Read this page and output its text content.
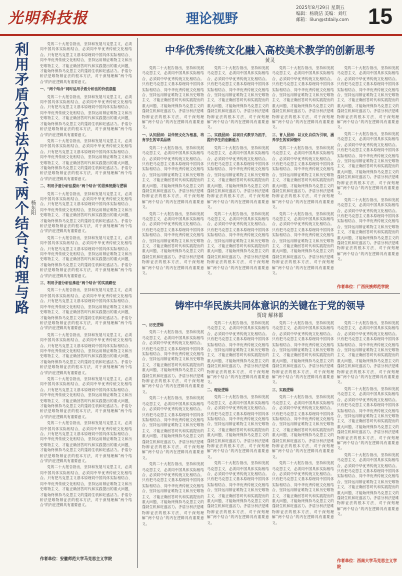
光明科技报	理论视野
2025年8月29日 星期五
编辑：杨晓洁 美编：刘红
邮箱：lilun@stdaily.com 15
利用矛盾分析法分析“两个结合”的理与路 杨东阳

党的二十大报告指出，坚持和发展马克思主义，必须同中国具体实际相结合，必须同中华优秀传统文化相结合。只有把马克思主义基本原理同中国具体实际相结合、同中华优秀传统文化相结合，坚持运用辩证唯物主义和历史唯物主义，才能正确回答时代和实践提出的重大问题，才能始终保持马克思主义的蓬勃生机和旺盛活力。矛盾分析法是唯物辩证法的根本方法，对于深刻理解“两个结合”的内在逻辑具有重要意义。

一、“两个结合”同时运用矛盾分析法的价值意蕴

党的二十大报告指出，坚持和发展马克思主义，必须同中国具体实际相结合，必须同中华优秀传统文化相结合。只有把马克思主义基本原理同中国具体实际相结合、同中华优秀传统文化相结合，坚持运用辩证唯物主义和历史唯物主义，才能正确回答时代和实践提出的重大问题，才能始终保持马克思主义的蓬勃生机和旺盛活力。矛盾分析法是唯物辩证法的根本方法，对于深刻理解“两个结合”的内在逻辑具有重要意义。

党的二十大报告指出，坚持和发展马克思主义，必须同中国具体实际相结合，必须同中华优秀传统文化相结合。只有把马克思主义基本原理同中国具体实际相结合、同中华优秀传统文化相结合，坚持运用辩证唯物主义和历史唯物主义，才能正确回答时代和实践提出的重大问题，才能始终保持马克思主义的蓬勃生机和旺盛活力。矛盾分析法是唯物辩证法的根本方法，对于深刻理解“两个结合”的内在逻辑具有重要意义。

二、利用矛盾分析法提出“两个结合”的思维统摄与逻辑

党的二十大报告指出，坚持和发展马克思主义，必须同中国具体实际相结合，必须同中华优秀传统文化相结合。只有把马克思主义基本原理同中国具体实际相结合、同中华优秀传统文化相结合，坚持运用辩证唯物主义和历史唯物主义，才能正确回答时代和实践提出的重大问题，才能始终保持马克思主义的蓬勃生机和旺盛活力。矛盾分析法是唯物辩证法的根本方法，对于深刻理解“两个结合”的内在逻辑具有重要意义。

党的二十大报告指出，坚持和发展马克思主义，必须同中国具体实际相结合，必须同中华优秀传统文化相结合。只有把马克思主义基本原理同中国具体实际相结合、同中华优秀传统文化相结合，坚持运用辩证唯物主义和历史唯物主义，才能正确回答时代和实践提出的重大问题，才能始终保持马克思主义的蓬勃生机和旺盛活力。矛盾分析法是唯物辩证法的根本方法，对于深刻理解“两个结合”的内在逻辑具有重要意义。

三、利用矛盾分析法推进“两个结合”的实践路径

党的二十大报告指出，坚持和发展马克思主义，必须同中国具体实际相结合，必须同中华优秀传统文化相结合。只有把马克思主义基本原理同中国具体实际相结合、同中华优秀传统文化相结合，坚持运用辩证唯物主义和历史唯物主义，才能正确回答时代和实践提出的重大问题，才能始终保持马克思主义的蓬勃生机和旺盛活力。矛盾分析法是唯物辩证法的根本方法，对于深刻理解“两个结合”的内在逻辑具有重要意义。

党的二十大报告指出，坚持和发展马克思主义，必须同中国具体实际相结合，必须同中华优秀传统文化相结合。只有把马克思主义基本原理同中国具体实际相结合、同中华优秀传统文化相结合，坚持运用辩证唯物主义和历史唯物主义，才能正确回答时代和实践提出的重大问题，才能始终保持马克思主义的蓬勃生机和旺盛活力。矛盾分析法是唯物辩证法的根本方法，对于深刻理解“两个结合”的内在逻辑具有重要意义。

党的二十大报告指出，坚持和发展马克思主义，必须同中国具体实际相结合，必须同中华优秀传统文化相结合。只有把马克思主义基本原理同中国具体实际相结合、同中华优秀传统文化相结合，坚持运用辩证唯物主义和历史唯物主义，才能正确回答时代和实践提出的重大问题，才能始终保持马克思主义的蓬勃生机和旺盛活力。矛盾分析法是唯物辩证法的根本方法，对于深刻理解“两个结合”的内在逻辑具有重要意义。

党的二十大报告指出，坚持和发展马克思主义，必须同中国具体实际相结合，必须同中华优秀传统文化相结合。只有把马克思主义基本原理同中国具体实际相结合、同中华优秀传统文化相结合，坚持运用辩证唯物主义和历史唯物主义，才能正确回答时代和实践提出的重大问题，才能始终保持马克思主义的蓬勃生机和旺盛活力。矛盾分析法是唯物辩证法的根本方法，对于深刻理解“两个结合”的内在逻辑具有重要意义。

党的二十大报告指出，坚持和发展马克思主义，必须同中国具体实际相结合，必须同中华优秀传统文化相结合。只有把马克思主义基本原理同中国具体实际相结合、同中华优秀传统文化相结合，坚持运用辩证唯物主义和历史唯物主义，才能正确回答时代和实践提出的重大问题，才能始终保持马克思主义的蓬勃生机和旺盛活力。矛盾分析法是唯物辩证法的根本方法，对于深刻理解“两个结合”的内在逻辑具有重要意义。

作者单位：安徽师范大学马克思主义学院
中华优秀传统文化融入高校美术教学的创新思考
黄灵

党的二十大报告指出，坚持和发展马克思主义，必须同中国具体实际相结合，必须同中华优秀传统文化相结合。只有把马克思主义基本原理同中国具体实际相结合、同中华优秀传统文化相结合，坚持运用辩证唯物主义和历史唯物主义，才能正确回答时代和实践提出的重大问题，才能始终保持马克思主义的蓬勃生机和旺盛活力。矛盾分析法是唯物辩证法的根本方法，对于深刻理解“两个结合”的内在逻辑具有重要意义。

一、认知层面：以传统文化为根基，培育学生的审美品格

党的二十大报告指出，坚持和发展马克思主义，必须同中国具体实际相结合，必须同中华优秀传统文化相结合。只有把马克思主义基本原理同中国具体实际相结合、同中华优秀传统文化相结合，坚持运用辩证唯物主义和历史唯物主义，才能正确回答时代和实践提出的重大问题，才能始终保持马克思主义的蓬勃生机和旺盛活力。矛盾分析法是唯物辩证法的根本方法，对于深刻理解“两个结合”的内在逻辑具有重要意义。

党的二十大报告指出，坚持和发展马克思主义，必须同中国具体实际相结合，必须同中华优秀传统文化相结合。只有把马克思主义基本原理同中国具体实际相结合、同中华优秀传统文化相结合，坚持运用辩证唯物主义和历史唯物主义，才能正确回答时代和实践提出的重大问题，才能始终保持马克思主义的蓬勃生机和旺盛活力。矛盾分析法是唯物辩证法的根本方法，对于深刻理解“两个结合”的内在逻辑具有重要意义。

党的二十大报告指出，坚持和发展马克思主义，必须同中国具体实际相结合，必须同中华优秀传统文化相结合。只有把马克思主义基本原理同中国具体实际相结合、同中华优秀传统文化相结合，坚持运用辩证唯物主义和历史唯物主义，才能正确回答时代和实践提出的重大问题，才能始终保持马克思主义的蓬勃生机和旺盛活力。矛盾分析法是唯物辩证法的根本方法，对于深刻理解“两个结合”的内在逻辑具有重要意义。

二、实践层面：以项目式教学为抓手，提升学生的创新能力

党的二十大报告指出，坚持和发展马克思主义，必须同中国具体实际相结合，必须同中华优秀传统文化相结合。只有把马克思主义基本原理同中国具体实际相结合、同中华优秀传统文化相结合，坚持运用辩证唯物主义和历史唯物主义，才能正确回答时代和实践提出的重大问题，才能始终保持马克思主义的蓬勃生机和旺盛活力。矛盾分析法是唯物辩证法的根本方法，对于深刻理解“两个结合”的内在逻辑具有重要意义。

党的二十大报告指出，坚持和发展马克思主义，必须同中国具体实际相结合，必须同中华优秀传统文化相结合。只有把马克思主义基本原理同中国具体实际相结合、同中华优秀传统文化相结合，坚持运用辩证唯物主义和历史唯物主义，才能正确回答时代和实践提出的重大问题，才能始终保持马克思主义的蓬勃生机和旺盛活力。矛盾分析法是唯物辩证法的根本方法，对于深刻理解“两个结合”的内在逻辑具有重要意义。

党的二十大报告指出，坚持和发展马克思主义，必须同中国具体实际相结合，必须同中华优秀传统文化相结合。只有把马克思主义基本原理同中国具体实际相结合、同中华优秀传统文化相结合，坚持运用辩证唯物主义和历史唯物主义，才能正确回答时代和实践提出的重大问题，才能始终保持马克思主义的蓬勃生机和旺盛活力。矛盾分析法是唯物辩证法的根本方法，对于深刻理解“两个结合”的内在逻辑具有重要意义。

三、育人层面：以文化自信为引领，涵养学生的家国情怀

党的二十大报告指出，坚持和发展马克思主义，必须同中国具体实际相结合，必须同中华优秀传统文化相结合。只有把马克思主义基本原理同中国具体实际相结合、同中华优秀传统文化相结合，坚持运用辩证唯物主义和历史唯物主义，才能正确回答时代和实践提出的重大问题，才能始终保持马克思主义的蓬勃生机和旺盛活力。矛盾分析法是唯物辩证法的根本方法，对于深刻理解“两个结合”的内在逻辑具有重要意义。

党的二十大报告指出，坚持和发展马克思主义，必须同中国具体实际相结合，必须同中华优秀传统文化相结合。只有把马克思主义基本原理同中国具体实际相结合、同中华优秀传统文化相结合，坚持运用辩证唯物主义和历史唯物主义，才能正确回答时代和实践提出的重大问题，才能始终保持马克思主义的蓬勃生机和旺盛活力。矛盾分析法是唯物辩证法的根本方法，对于深刻理解“两个结合”的内在逻辑具有重要意义。

党的二十大报告指出，坚持和发展马克思主义，必须同中国具体实际相结合，必须同中华优秀传统文化相结合。只有把马克思主义基本原理同中国具体实际相结合、同中华优秀传统文化相结合，坚持运用辩证唯物主义和历史唯物主义，才能正确回答时代和实践提出的重大问题，才能始终保持马克思主义的蓬勃生机和旺盛活力。矛盾分析法是唯物辩证法的根本方法，对于深刻理解“两个结合”的内在逻辑具有重要意义。

党的二十大报告指出，坚持和发展马克思主义，必须同中国具体实际相结合，必须同中华优秀传统文化相结合。只有把马克思主义基本原理同中国具体实际相结合、同中华优秀传统文化相结合，坚持运用辩证唯物主义和历史唯物主义，才能正确回答时代和实践提出的重大问题，才能始终保持马克思主义的蓬勃生机和旺盛活力。矛盾分析法是唯物辩证法的根本方法，对于深刻理解“两个结合”的内在逻辑具有重要意义。

党的二十大报告指出，坚持和发展马克思主义，必须同中国具体实际相结合，必须同中华优秀传统文化相结合。只有把马克思主义基本原理同中国具体实际相结合、同中华优秀传统文化相结合，坚持运用辩证唯物主义和历史唯物主义，才能正确回答时代和实践提出的重大问题，才能始终保持马克思主义的蓬勃生机和旺盛活力。矛盾分析法是唯物辩证法的根本方法，对于深刻理解“两个结合”的内在逻辑具有重要意义。

作者单位：广西民族师范学院
铸牢中华民族共同体意识的关键在于党的领导
贾琦 解林都

一、历史逻辑

党的二十大报告指出，坚持和发展马克思主义，必须同中国具体实际相结合，必须同中华优秀传统文化相结合。只有把马克思主义基本原理同中国具体实际相结合、同中华优秀传统文化相结合，坚持运用辩证唯物主义和历史唯物主义，才能正确回答时代和实践提出的重大问题，才能始终保持马克思主义的蓬勃生机和旺盛活力。矛盾分析法是唯物辩证法的根本方法，对于深刻理解“两个结合”的内在逻辑具有重要意义。

党的二十大报告指出，坚持和发展马克思主义，必须同中国具体实际相结合，必须同中华优秀传统文化相结合。只有把马克思主义基本原理同中国具体实际相结合、同中华优秀传统文化相结合，坚持运用辩证唯物主义和历史唯物主义，才能正确回答时代和实践提出的重大问题，才能始终保持马克思主义的蓬勃生机和旺盛活力。矛盾分析法是唯物辩证法的根本方法，对于深刻理解“两个结合”的内在逻辑具有重要意义。

党的二十大报告指出，坚持和发展马克思主义，必须同中国具体实际相结合，必须同中华优秀传统文化相结合。只有把马克思主义基本原理同中国具体实际相结合、同中华优秀传统文化相结合，坚持运用辩证唯物主义和历史唯物主义，才能正确回答时代和实践提出的重大问题，才能始终保持马克思主义的蓬勃生机和旺盛活力。矛盾分析法是唯物辩证法的根本方法，对于深刻理解“两个结合”的内在逻辑具有重要意义。

党的二十大报告指出，坚持和发展马克思主义，必须同中国具体实际相结合，必须同中华优秀传统文化相结合。只有把马克思主义基本原理同中国具体实际相结合、同中华优秀传统文化相结合，坚持运用辩证唯物主义和历史唯物主义，才能正确回答时代和实践提出的重大问题，才能始终保持马克思主义的蓬勃生机和旺盛活力。矛盾分析法是唯物辩证法的根本方法，对于深刻理解“两个结合”的内在逻辑具有重要意义。

二、理论逻辑

党的二十大报告指出，坚持和发展马克思主义，必须同中国具体实际相结合，必须同中华优秀传统文化相结合。只有把马克思主义基本原理同中国具体实际相结合、同中华优秀传统文化相结合，坚持运用辩证唯物主义和历史唯物主义，才能正确回答时代和实践提出的重大问题，才能始终保持马克思主义的蓬勃生机和旺盛活力。矛盾分析法是唯物辩证法的根本方法，对于深刻理解“两个结合”的内在逻辑具有重要意义。

党的二十大报告指出，坚持和发展马克思主义，必须同中国具体实际相结合，必须同中华优秀传统文化相结合。只有把马克思主义基本原理同中国具体实际相结合、同中华优秀传统文化相结合，坚持运用辩证唯物主义和历史唯物主义，才能正确回答时代和实践提出的重大问题，才能始终保持马克思主义的蓬勃生机和旺盛活力。矛盾分析法是唯物辩证法的根本方法，对于深刻理解“两个结合”的内在逻辑具有重要意义。

党的二十大报告指出，坚持和发展马克思主义，必须同中国具体实际相结合，必须同中华优秀传统文化相结合。只有把马克思主义基本原理同中国具体实际相结合、同中华优秀传统文化相结合，坚持运用辩证唯物主义和历史唯物主义，才能正确回答时代和实践提出的重大问题，才能始终保持马克思主义的蓬勃生机和旺盛活力。矛盾分析法是唯物辩证法的根本方法，对于深刻理解“两个结合”的内在逻辑具有重要意义。

三、实践逻辑

党的二十大报告指出，坚持和发展马克思主义，必须同中国具体实际相结合，必须同中华优秀传统文化相结合。只有把马克思主义基本原理同中国具体实际相结合、同中华优秀传统文化相结合，坚持运用辩证唯物主义和历史唯物主义，才能正确回答时代和实践提出的重大问题，才能始终保持马克思主义的蓬勃生机和旺盛活力。矛盾分析法是唯物辩证法的根本方法，对于深刻理解“两个结合”的内在逻辑具有重要意义。

党的二十大报告指出，坚持和发展马克思主义，必须同中国具体实际相结合，必须同中华优秀传统文化相结合。只有把马克思主义基本原理同中国具体实际相结合、同中华优秀传统文化相结合，坚持运用辩证唯物主义和历史唯物主义，才能正确回答时代和实践提出的重大问题，才能始终保持马克思主义的蓬勃生机和旺盛活力。矛盾分析法是唯物辩证法的根本方法，对于深刻理解“两个结合”的内在逻辑具有重要意义。

党的二十大报告指出，坚持和发展马克思主义，必须同中国具体实际相结合，必须同中华优秀传统文化相结合。只有把马克思主义基本原理同中国具体实际相结合、同中华优秀传统文化相结合，坚持运用辩证唯物主义和历史唯物主义，才能正确回答时代和实践提出的重大问题，才能始终保持马克思主义的蓬勃生机和旺盛活力。矛盾分析法是唯物辩证法的根本方法，对于深刻理解“两个结合”的内在逻辑具有重要意义。

党的二十大报告指出，坚持和发展马克思主义，必须同中国具体实际相结合，必须同中华优秀传统文化相结合。只有把马克思主义基本原理同中国具体实际相结合、同中华优秀传统文化相结合，坚持运用辩证唯物主义和历史唯物主义，才能正确回答时代和实践提出的重大问题，才能始终保持马克思主义的蓬勃生机和旺盛活力。矛盾分析法是唯物辩证法的根本方法，对于深刻理解“两个结合”的内在逻辑具有重要意义。

党的二十大报告指出，坚持和发展马克思主义，必须同中国具体实际相结合，必须同中华优秀传统文化相结合。只有把马克思主义基本原理同中国具体实际相结合、同中华优秀传统文化相结合，坚持运用辩证唯物主义和历史唯物主义，才能正确回答时代和实践提出的重大问题，才能始终保持马克思主义的蓬勃生机和旺盛活力。矛盾分析法是唯物辩证法的根本方法，对于深刻理解“两个结合”的内在逻辑具有重要意义。

作者单位：西南大学马克思主义学院
